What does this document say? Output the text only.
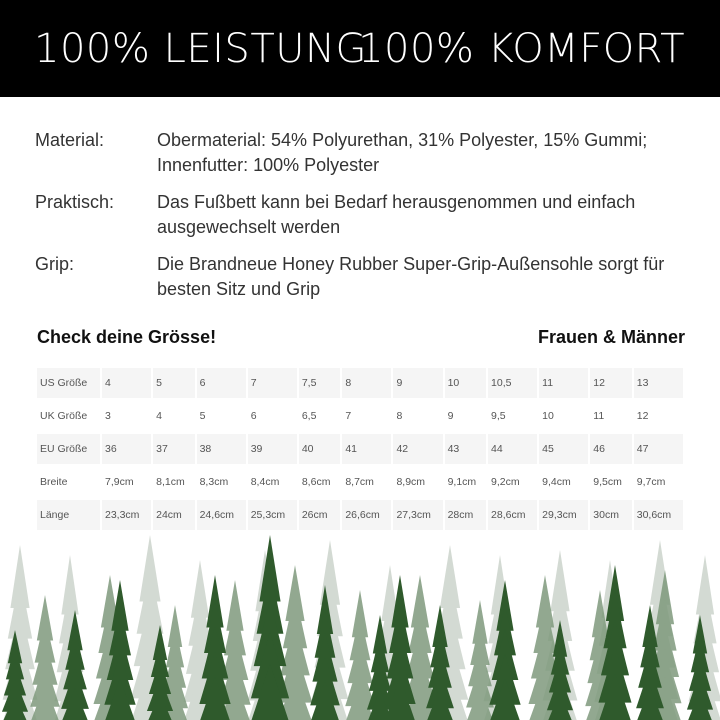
100% LEISTUNG
100% KOMFORT
Material:	Obermaterial: 54% Polyurethan, 31% Polyester, 15% Gummi; Innenfutter: 100% Polyester
Praktisch:	Das Fußbett kann bei Bedarf herausgenommen und einfach ausgewechselt werden
Grip:	Die Brandneue Honey Rubber Super-Grip-Außensohle sorgt für besten Sitz und Grip
Check deine Grösse!	Frauen & Männer
US Größe	4	5	6	7	7,5	8	9	10	10,5	11	12	13
UK Größe	3	4	5	6	6,5	7	8	9	9,5	10	11	12
EU Größe	36	37	38	39	40	41	42	43	44	45	46	47
Breite	7,9cm	8,1cm	8,3cm	8,4cm	8,6cm	8,7cm	8,9cm	9,1cm	9,2cm	9,4cm	9,5cm	9,7cm
Länge	23,3cm	24cm	24,6cm	25,3cm	26cm	26,6cm	27,3cm	28cm	28,6cm	29,3cm	30cm	30,6cm
